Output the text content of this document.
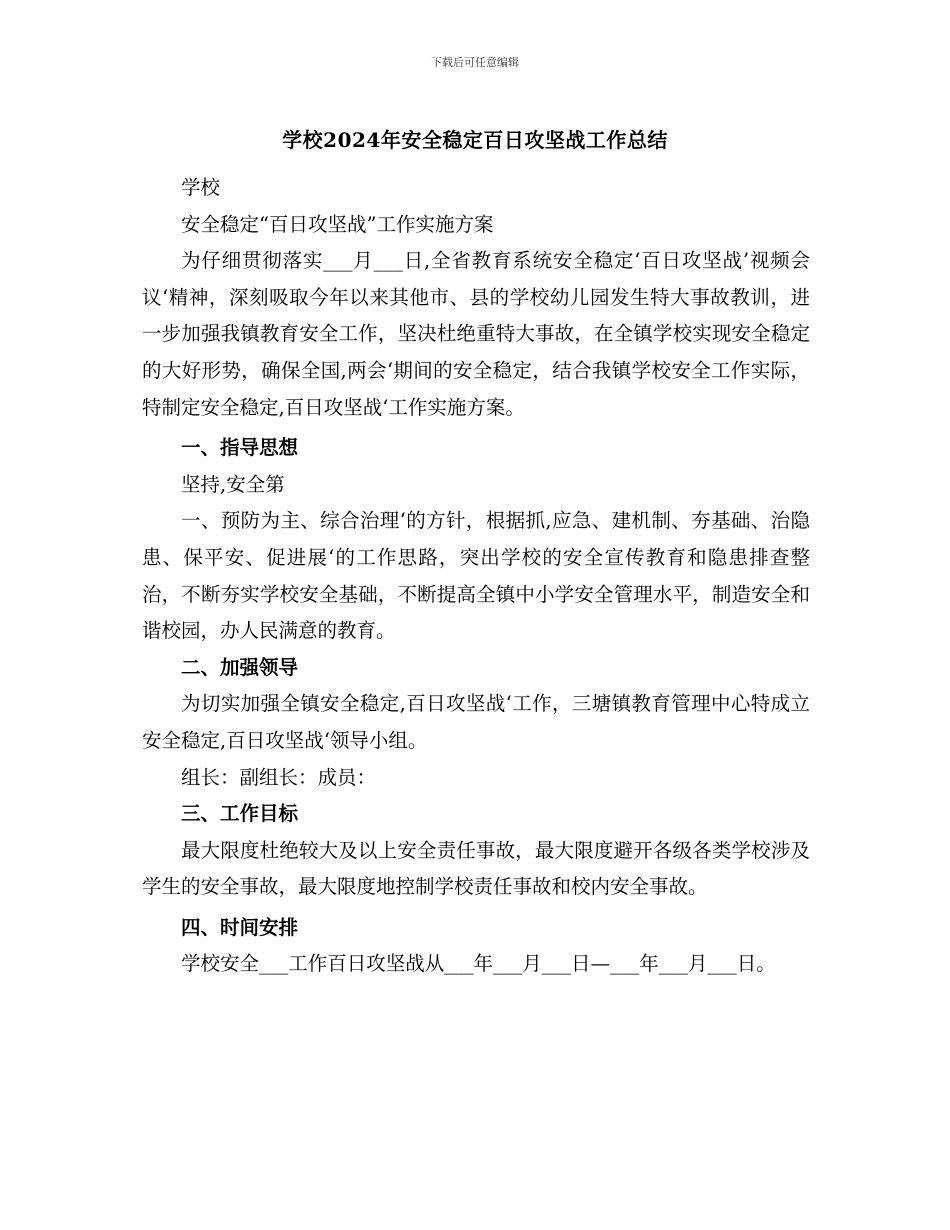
下载后可任意编辑
学校2024年安全稳定百日攻坚战工作总结

学校

安全稳定“百日攻坚战”工作实施方案

为仔细贯彻落实___月___日,全省教育系统安全稳定‘百日攻坚战’视频会议‘精神，深刻吸取今年以来其他市、县的学校幼儿园发生特大事故教训，进一步加强我镇教育安全工作，坚决杜绝重特大事故，在全镇学校实现安全稳定的大好形势，确保全国,两会‘期间的安全稳定，结合我镇学校安全工作实际，特制定安全稳定,百日攻坚战‘工作实施方案。

一、指导思想

坚持,安全第

一、预防为主、综合治理‘的方针，根据抓,应急、建机制、夯基础、治隐患、保平安、促进展‘的工作思路，突出学校的安全宣传教育和隐患排查整治，不断夯实学校安全基础，不断提高全镇中小学安全管理水平，制造安全和谐校园，办人民满意的教育。

二、加强领导

为切实加强全镇安全稳定,百日攻坚战‘工作，三塘镇教育管理中心特成立安全稳定,百日攻坚战‘领导小组。

组长：副组长：成员：

三、工作目标

最大限度杜绝较大及以上安全责任事故，最大限度避开各级各类学校涉及学生的安全事故，最大限度地控制学校责任事故和校内安全事故。

四、时间安排

学校安全___工作百日攻坚战从___年___月___日—___年___月___日。
